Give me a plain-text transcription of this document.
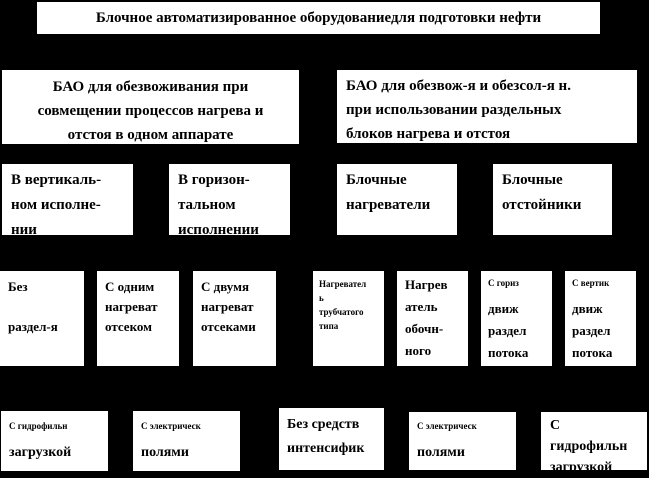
Блочное автоматизированное оборудованиедля подготовки нефти
БАО для обезвоживания при
совмещении процессов нагрева и
отстоя в одном аппарате
БАО для обезвож-я и обезсол-я н.
при использовании раздельных
блоков нагрева и отстоя
В вертикаль-
ном исполне-
нии
В горизон-
тальном
исполнении
Блочные
нагреватели
Блочные
отстойники
Без

раздел-я
С одним
нагреват
отсеком
С двумя
нагреват
отсеками
Нагревател
ь
трубчатого
типа
Нагрев
атель
обочн-
ного
типа
С гориз
движ
раздел
потока
С вертик
движ
раздел
потока
С гидрофильн
загрузкой
С электрическ
полями
Без средств
интенсифик
С электрическ
полями
С
гидрофильн
загрузкой
